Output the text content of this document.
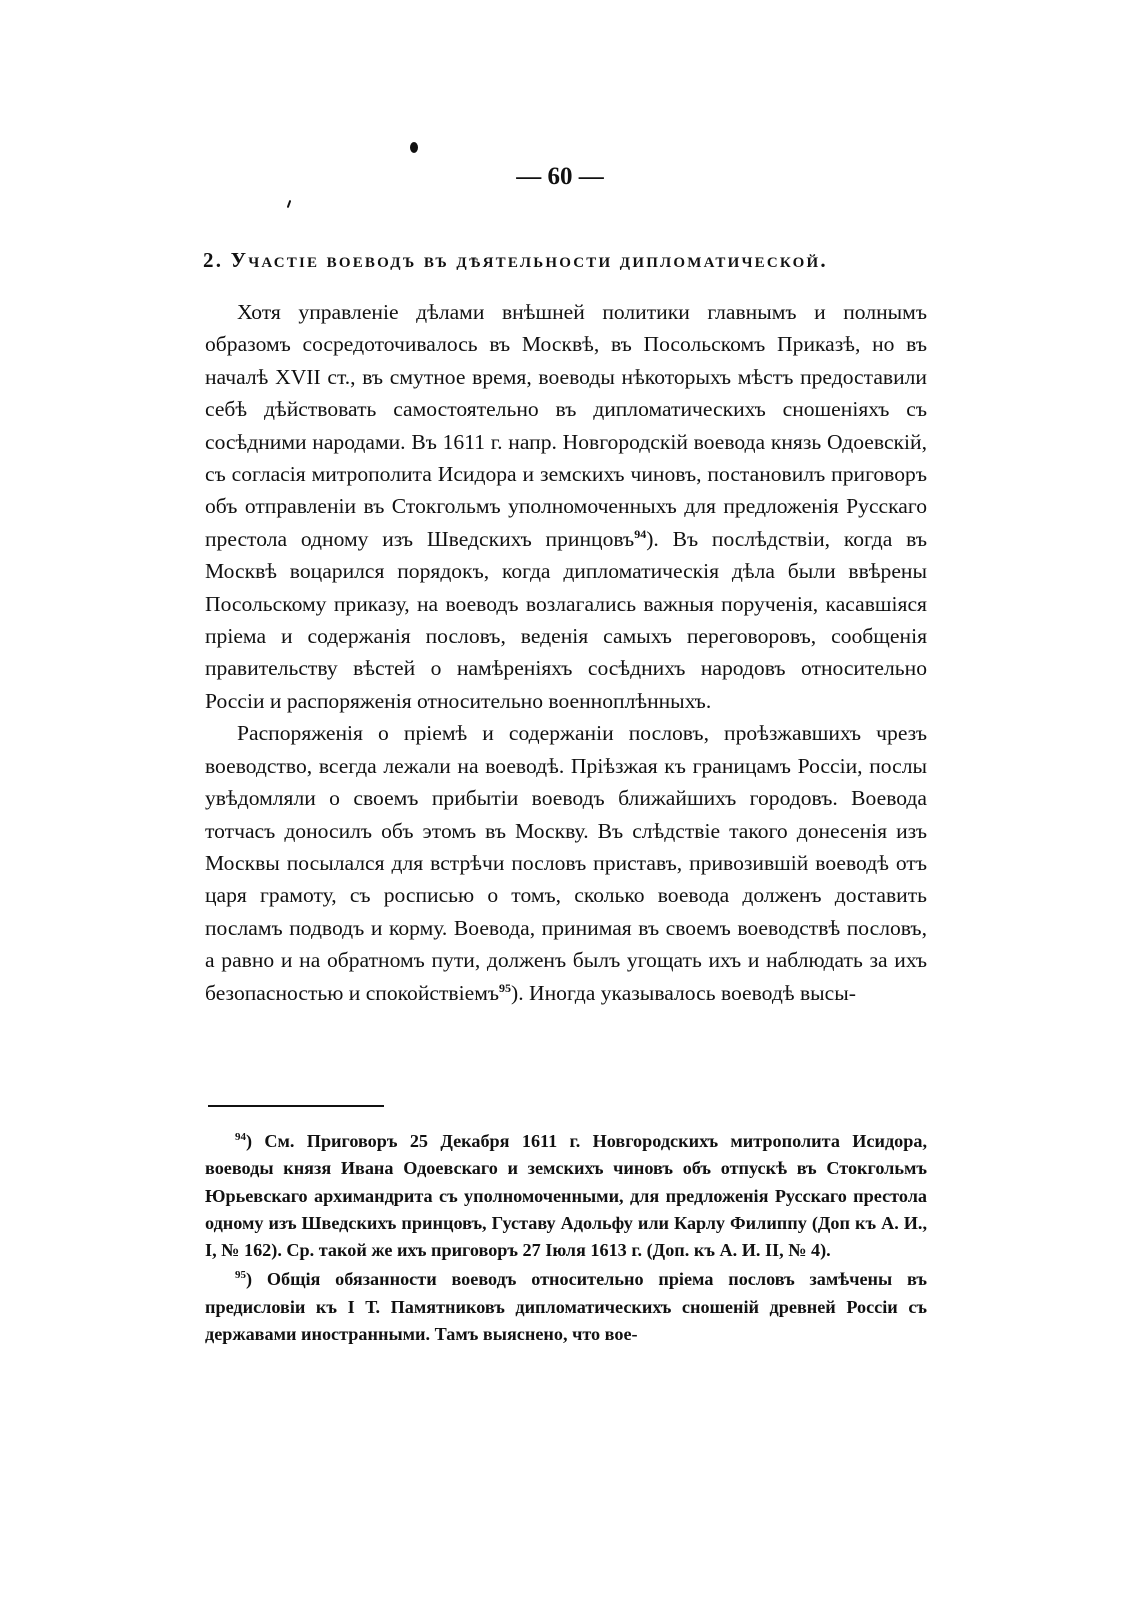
— 60 —
2. Участiе воеводъ въ дѣятельности дипломатической.

Хотя управленiе дѣлами внѣшней политики главнымъ и полнымъ образомъ сосредоточивалось въ Москвѣ, въ Посольскомъ Приказѣ, но въ началѣ XVII ст., въ смутное время, воеводы нѣкоторыхъ мѣстъ предоставили себѣ дѣйствовать самостоятельно въ дипломатическихъ сношенiяхъ съ сосѣдними народами. Въ 1611 г. напр. Новгородскiй воевода князь Одоевскiй, съ согласiя митрополита Исидора и земскихъ чиновъ, постановилъ приговоръ объ отправленiи въ Стокгольмъ уполномоченныхъ для предложенiя Русскаго престола одному изъ Шведскихъ принцовъ$^{94}$). Въ послѣдствiи, когда въ Москвѣ воцарился порядокъ, когда дипломатическiя дѣла были ввѣрены Посольскому приказу, на воеводъ возлагались важныя порученiя, касавшiяся прiема и содержанiя пословъ, веденiя самыхъ переговоровъ, сообщенiя правительству вѣстей о намѣренiяхъ сосѣднихъ народовъ относительно Россiи и распоряженiя относительно военноплѣнныхъ.

Распоряженiя о прiемѣ и содержанiи пословъ, проѣзжавшихъ чрезъ воеводство, всегда лежали на воеводѣ. Прiѣзжая къ границамъ Россiи, послы увѣдомляли о своемъ прибытiи воеводъ ближайшихъ городовъ. Воевода тотчасъ доносилъ объ этомъ въ Москву. Въ слѣдствiе такого донесенiя изъ Москвы посылался для встрѣчи пословъ приставъ, привозившiй воеводѣ отъ царя грамоту, съ росписью о томъ, сколько воевода долженъ доставить посламъ подводъ и корму. Воевода, принимая въ своемъ воеводствѣ пословъ, а равно и на обратномъ пути, долженъ былъ угощать ихъ и наблюдать за ихъ безопасностью и спокойствiемъ$^{95}$). Иногда указывалось воеводѣ высы-

$^{94}$) См. Приговоръ 25 Декабря 1611 г. Новгородскихъ митрополита Исидора, воеводы князя Ивана Одоевскаго и земскихъ чиновъ объ отпускѣ въ Стокгольмъ Юрьевскаго архимандрита съ уполномоченными, для предложенiя Русскаго престола одному изъ Шведскихъ принцовъ, Густаву Адольфу или Карлу Филиппу (Доп къ А. И., I, № 162). Ср. такой же ихъ приговоръ 27 Iюля 1613 г. (Доп. къ А. И. II, № 4).

$^{95}$) Общiя обязанности воеводъ относительно прiема пословъ замѣчены въ предисловiи къ I Т. Памятниковъ дипломатическихъ сношенiй древней Россiи съ державами иностранными. Тамъ выяснено, что вое-
